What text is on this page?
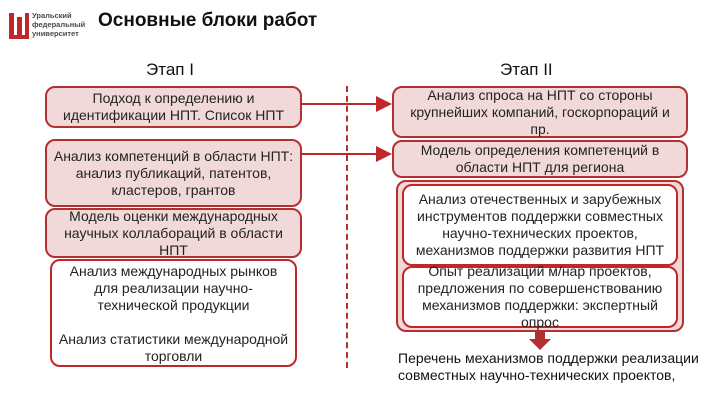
Уральский
федеральный
университет
Основные блоки работ
Этап I	Этап II
Подход к определению и идентификации НПТ. Список НПТ
Анализ компетенций в области НПТ: анализ публикаций, патентов, кластеров, грантов
Модель оценки международных научных коллабораций в области НПТ
Анализ международных рынков для реализации научно-технической продукции

Анализ статистики международной торговли
Анализ спроса на НПТ со стороны крупнейших компаний, госкорпораций и пр.
Модель определения компетенций в области НПТ для региона
Анализ отечественных и зарубежных инструментов поддержки совместных научно-технических проектов, механизмов поддержки развития НПТ
Опыт реализаций м/нар проектов, предложения по совершенствованию механизмов поддержки: экспертный опрос
Перечень механизмов поддержки реализации совместных научно-технических проектов,
